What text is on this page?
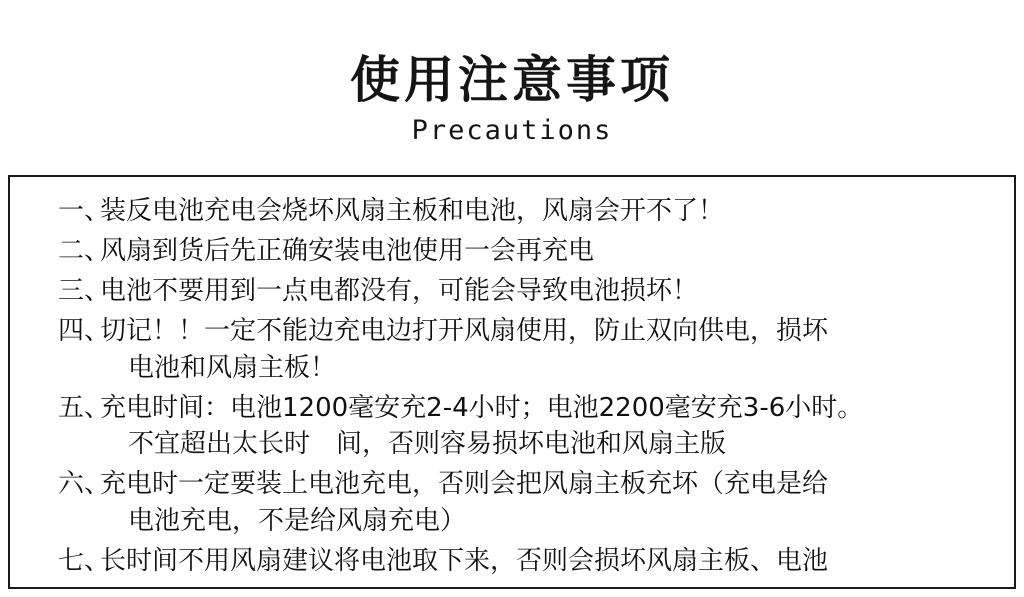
使用注意事项
Precautions
一、
装反电池充电会烧坏风扇主板和电池，风扇会开不了！
二、
风扇到货后先正确安装电池使用一会再充电
三、
电池不要用到一点电都没有，可能会导致电池损坏！
四、
切记！！一定不能边充电边打开风扇使用，防止双向供电，损坏
电池和风扇主板！
五、
充电时间：电池1200毫安充2-4小时；电池2200毫安充3-6小时。
不宜超出太长时　间，否则容易损坏电池和风扇主版
六、
充电时一定要装上电池充电，否则会把风扇主板充坏（充电是给
电池充电，不是给风扇充电）
七、
长时间不用风扇建议将电池取下来，否则会损坏风扇主板、电池
